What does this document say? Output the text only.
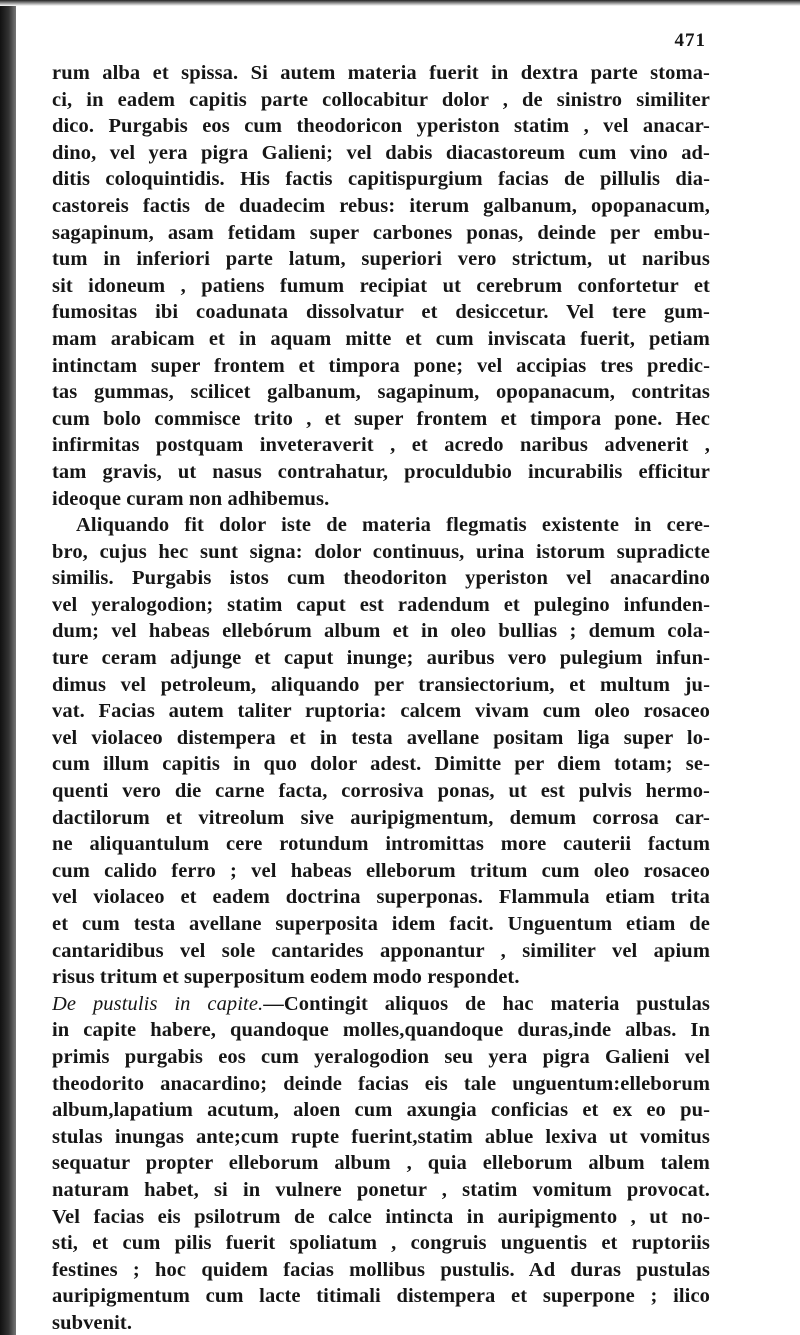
471
rum alba et spissa. Si autem materia fuerit in dextra parte stoma-
ci, in eadem capitis parte collocabitur dolor , de sinistro similiter
dico. Purgabis eos cum theodoricon yperiston statim , vel anacar-
dino, vel yera pigra Galieni; vel dabis diacastoreum cum vino ad-
ditis coloquintidis. His factis capitispurgium facias de pillulis dia-
castoreis factis de duadecim rebus: iterum galbanum, opopanacum,
sagapinum, asam fetidam super carbones ponas, deinde per embu-
tum in inferiori parte latum, superiori vero strictum, ut naribus
sit idoneum , patiens fumum recipiat ut cerebrum confortetur et
fumositas ibi coadunata dissolvatur et desiccetur. Vel tere gum-
mam arabicam et in aquam mitte et cum inviscata fuerit, petiam
intinctam super frontem et timpora pone; vel accipias tres predic-
tas gummas, scilicet galbanum, sagapinum, opopanacum, contritas
cum bolo commisce trito , et super frontem et timpora pone. Hec
infirmitas postquam inveteraverit , et acredo naribus advenerit ,
tam gravis, ut nasus contrahatur, proculdubio incurabilis efficitur
ideoque curam non adhibemus.
Aliquando fit dolor iste de materia flegmatis existente in cere-
bro, cujus hec sunt signa: dolor continuus, urina istorum supradicte
similis. Purgabis istos cum theodoriton yperiston vel anacardino
vel yeralogodion; statim caput est radendum et pulegino infunden-
dum; vel habeas ellebórum album et in oleo bullias ; demum cola-
ture ceram adjunge et caput inunge; auribus vero pulegium infun-
dimus vel petroleum, aliquando per transiectorium, et multum ju-
vat. Facias autem taliter ruptoria: calcem vivam cum oleo rosaceo
vel violaceo distempera et in testa avellane positam liga super lo-
cum illum capitis in quo dolor adest. Dimitte per diem totam; se-
quenti vero die carne facta, corrosiva ponas, ut est pulvis hermo-
dactilorum et vitreolum sive auripigmentum, demum corrosa car-
ne aliquantulum cere rotundum intromittas more cauterii factum
cum calido ferro ; vel habeas elleborum tritum cum oleo rosaceo
vel violaceo et eadem doctrina superponas. Flammula etiam trita
et cum testa avellane superposita idem facit. Unguentum etiam de
cantaridibus vel sole cantarides apponantur , similiter vel apium
risus tritum et superpositum eodem modo respondet.
De pustulis in capite.—Contingit aliquos de hac materia pustulas
in capite habere, quandoque molles,quandoque duras,inde albas. In
primis purgabis eos cum yeralogodion seu yera pigra Galieni vel
theodorito anacardino; deinde facias eis tale unguentum:elleborum
album,lapatium acutum, aloen cum axungia conficias et ex eo pu-
stulas inungas ante;cum rupte fuerint,statim ablue lexiva ut vomitus
sequatur propter elleborum album , quia elleborum album talem
naturam habet, si in vulnere ponetur , statim vomitum provocat.
Vel facias eis psilotrum de calce intincta in auripigmento , ut no-
sti, et cum pilis fuerit spoliatum , congruis unguentis et ruptoriis
festines ; hoc quidem facias mollibus pustulis. Ad duras pustulas
auripigmentum cum lacte titimali distempera et superpone ; ilico
subvenit.
